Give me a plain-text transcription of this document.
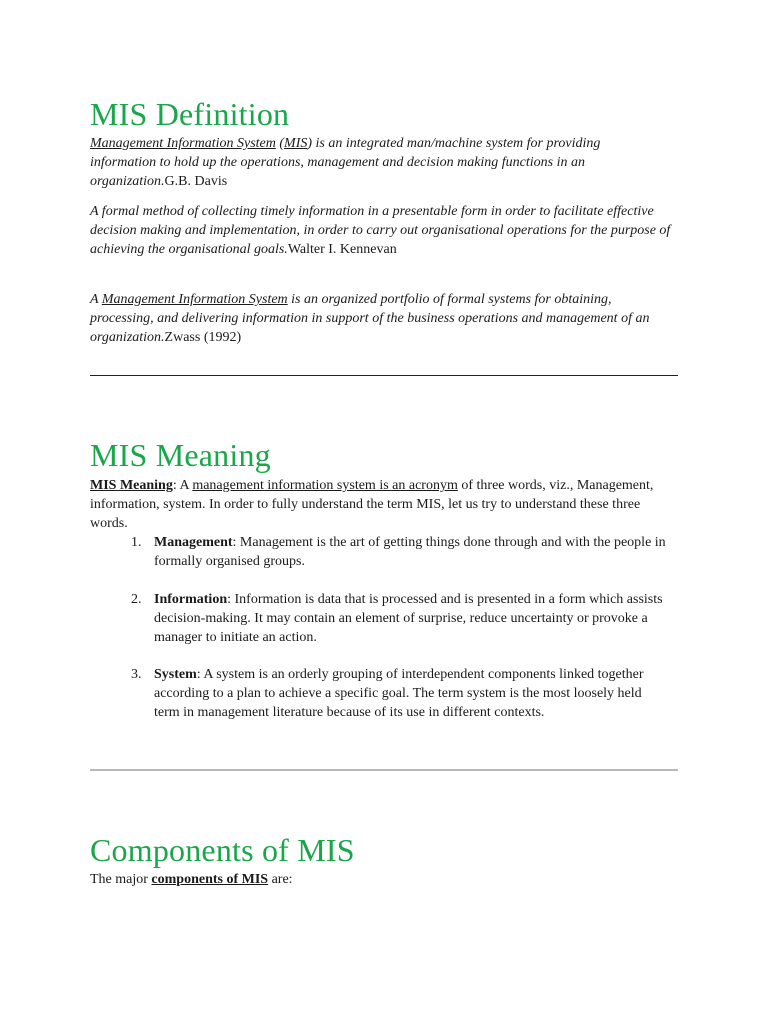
MIS Definition

Management Information System (MIS) is an integrated man/machine system for providing information to hold up the operations, management and decision making functions in an organization.G.B. Davis

A formal method of collecting timely information in a presentable form in order to facilitate effective decision making and implementation, in order to carry out organisational operations for the purpose of achieving the organisational goals.Walter I. Kennevan

A Management Information System is an organized portfolio of formal systems for obtaining, processing, and delivering information in support of the business operations and management of an organization.Zwass (1992)

MIS Meaning

MIS Meaning: A management information system is an acronym of three words, viz., Management, information, system. In order to fully understand the term MIS, let us try to understand these three words.

1. Management: Management is the art of getting things done through and with the people in formally organised groups.
2. Information: Information is data that is processed and is presented in a form which assists decision-making. It may contain an element of surprise, reduce uncertainty or provoke a manager to initiate an action.
3. System: A system is an orderly grouping of interdependent components linked together according to a plan to achieve a specific goal. The term system is the most loosely held term in management literature because of its use in different contexts.
Components of MIS

The major components of MIS are:
